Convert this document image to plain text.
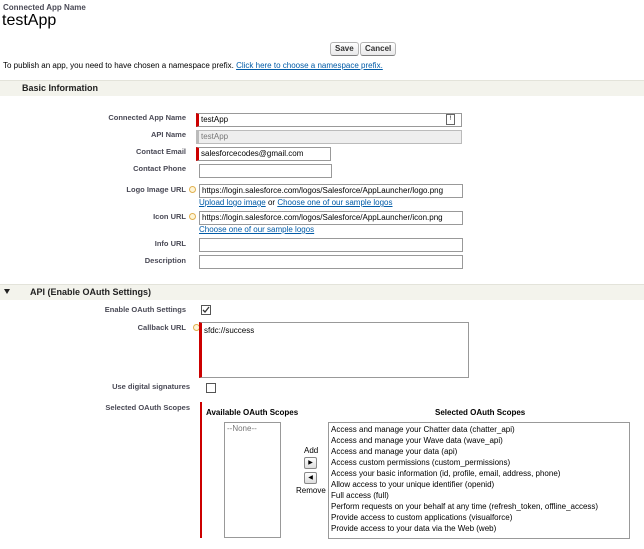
Connected App Name
testApp
Save	Cancel
To publish an app, you need to have chosen a namespace prefix. Click here to choose a namespace prefix.
Basic Information
Connected App Name	testApp	!
API Name	testApp
Contact Email	salesforcecodes@gmail.com
Contact Phone
Logo Image URL	https://login.salesforce.com/logos/Salesforce/AppLauncher/logo.png
Upload logo image or Choose one of our sample logos
Icon URL	https://login.salesforce.com/logos/Salesforce/AppLauncher/icon.png
Choose one of our sample logos
Info URL
Description
API (Enable OAuth Settings)
Enable OAuth Settings
Callback URL	sfdc://success
Use digital signatures
Selected OAuth Scopes
Available OAuth Scopes	Selected OAuth Scopes
--None--
Add
▶
◀
Remove
Access and manage your Chatter data (chatter_api)
Access and manage your Wave data (wave_api)
Access and manage your data (api)
Access custom permissions (custom_permissions)
Access your basic information (id, profile, email, address, phone)
Allow access to your unique identifier (openid)
Full access (full)
Perform requests on your behalf at any time (refresh_token, offline_access)
Provide access to custom applications (visualforce)
Provide access to your data via the Web (web)
